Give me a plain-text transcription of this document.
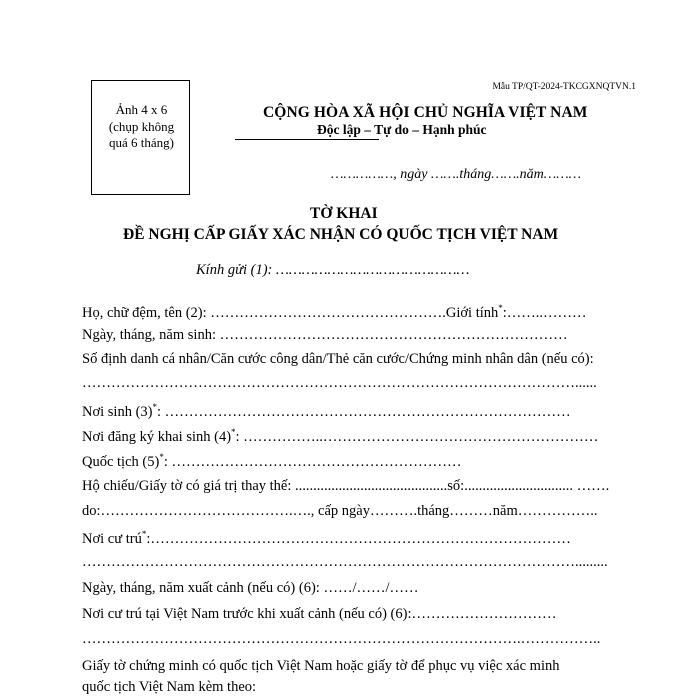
Ảnh 4 x 6
(chụp không
quá 6 tháng)
Mẫu TP/QT-2024-TKCGXNQTVN.1
CỘNG HÒA XÃ HỘI CHỦ NGHĨA VIỆT NAM
Độc lập – Tự do – Hạnh phúc
……………, ngày …….tháng…….năm………
TỜ KHAI
ĐỀ NGHỊ CẤP GIẤY XÁC NHẬN CÓ QUỐC TỊCH VIỆT NAM
Kính gửi (1): ………………………………………
Họ, chữ đệm, tên (2): ………………………………………….Giới tính*:……..………
Ngày, tháng, năm sinh: ………………………………………………………………
Số định danh cá nhân/Căn cước công dân/Thẻ căn cước/Chứng minh nhân dân (nếu có):
…………………………………………………………………………………………......
Nơi sinh (3)*: …………………………………………………………………………
Nơi đăng ký khai sinh (4)*: ……………..…………………………………………………
Quốc tịch (5)*: ……………………………………………………
Hộ chiếu/Giấy tờ có giá trị thay thế: ..........................................số:.............................. …….
do:………………………………….…., cấp ngày……….tháng………năm……………..
Nơi cư trú*:……………………………………………………………………………
………………………………………………………………………………………….........
Ngày, tháng, năm xuất cảnh (nếu có) (6): ……/……/……
Nơi cư trú tại Việt Nam trước khi xuất cảnh (nếu có) (6):…………………………
……………………………………………………………………………….……………..
Giấy tờ chứng minh có quốc tịch Việt Nam hoặc giấy tờ để phục vụ việc xác minh
quốc tịch Việt Nam kèm theo:
